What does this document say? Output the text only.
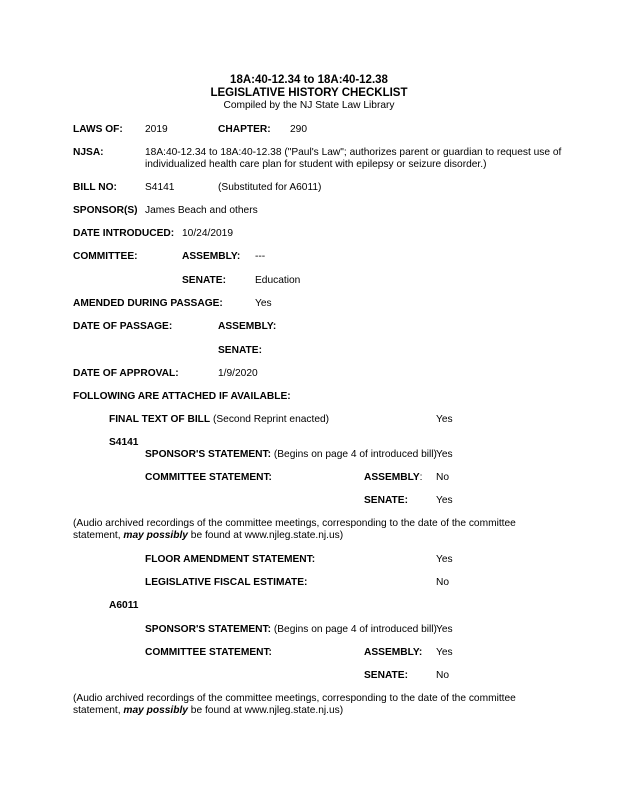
18A:40-12.34 to 18A:40-12.38
LEGISLATIVE HISTORY CHECKLIST
Compiled by the NJ State Law Library
LAWS OF: 2019	CHAPTER: 290
NJSA:	18A:40-12.34 to 18A:40-12.38 ("Paul's Law"; authorizes parent or guardian to request use of
individualized health care plan for student with epilepsy or seizure disorder.)
BILL NO:	S4141	(Substituted for A6011)
SPONSOR(S) James Beach and others
DATE INTRODUCED: 10/24/2019
COMMITTEE:	ASSEMBLY: ---
SENATE:	Education
AMENDED DURING PASSAGE:	Yes
DATE OF PASSAGE:	ASSEMBLY:
SENATE:
DATE OF APPROVAL:	1/9/2020
FOLLOWING ARE ATTACHED IF AVAILABLE:
FINAL TEXT OF BILL (Second Reprint enacted)	Yes
S4141
SPONSOR'S STATEMENT: (Begins on page 4 of introduced bill) Yes
COMMITTEE STATEMENT:	ASSEMBLY: No
SENATE:	Yes
(Audio archived recordings of the committee meetings, corresponding to the date of the committee
statement, may possibly be found at www.njleg.state.nj.us)
FLOOR AMENDMENT STATEMENT:	Yes
LEGISLATIVE FISCAL ESTIMATE:	No
A6011
SPONSOR'S STATEMENT: (Begins on page 4 of introduced bill) Yes
COMMITTEE STATEMENT:	ASSEMBLY: Yes
SENATE:	No
(Audio archived recordings of the committee meetings, corresponding to the date of the committee
statement, may possibly be found at www.njleg.state.nj.us)
